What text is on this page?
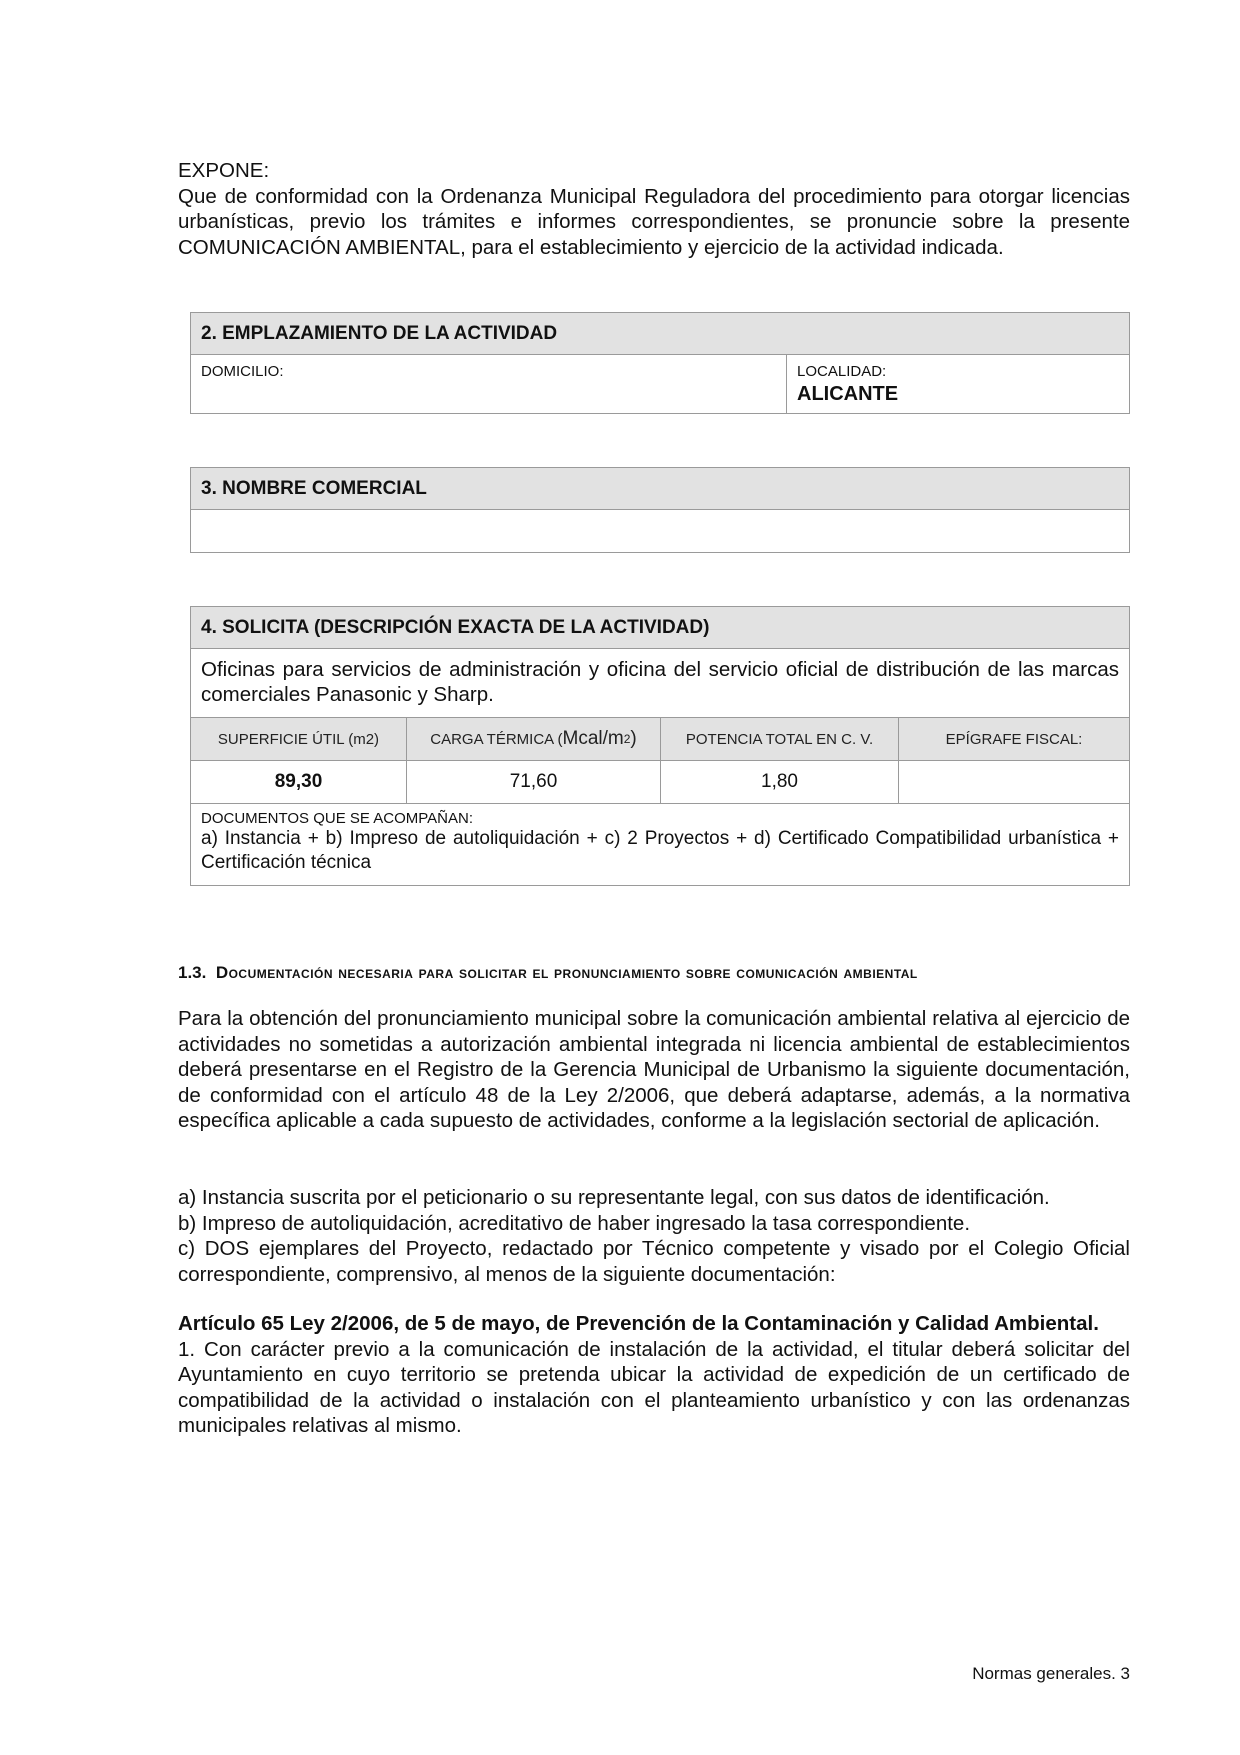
EXPONE:
Que de conformidad con la Ordenanza Municipal Reguladora del procedimiento para otorgar licencias urbanísticas, previo los trámites e informes correspondientes, se pronuncie sobre la presente COMUNICACIÓN AMBIENTAL, para el establecimiento y ejercicio de la actividad indicada.
2. EMPLAZAMIENTO DE LA ACTIVIDAD
DOMICILIO:	LOCALIDAD:
ALICANTE
3. NOMBRE COMERCIAL
4. SOLICITA (DESCRIPCIÓN EXACTA DE LA ACTIVIDAD)
Oficinas para servicios de administración y oficina del servicio oficial de distribución de las marcas comerciales Panasonic y Sharp.
SUPERFICIE ÚTIL (m2)	CARGA TÉRMICA ( Mcal/m 2 )	POTENCIA TOTAL EN C. V.	EPÍGRAFE FISCAL:
89,30	71,60	1,80
DOCUMENTOS QUE SE ACOMPAÑAN:
a) Instancia + b) Impreso de autoliquidación + c) 2 Proyectos + d) Certificado Compatibilidad urbanística + Certificación técnica
1.3. Documentación necesaria para solicitar el pronunciamiento sobre comunicación ambiental
Para la obtención del pronunciamiento municipal sobre la comunicación ambiental relativa al ejercicio de actividades no sometidas a autorización ambiental integrada ni licencia ambiental de establecimientos deberá presentarse en el Registro de la Gerencia Municipal de Urbanismo la siguiente documentación, de conformidad con el artículo 48 de la Ley 2/2006, que deberá adaptarse, además, a la normativa específica aplicable a cada supuesto de actividades, conforme a la legislación sectorial de aplicación.
a) Instancia suscrita por el peticionario o su representante legal, con sus datos de identificación.
b) Impreso de autoliquidación, acreditativo de haber ingresado la tasa correspondiente.
c) DOS ejemplares del Proyecto, redactado por Técnico competente y visado por el Colegio Oficial correspondiente, comprensivo, al menos de la siguiente documentación:
Artículo 65 Ley 2/2006, de 5 de mayo, de Prevención de la Contaminación y Calidad Ambiental.
1. Con carácter previo a la comunicación de instalación de la actividad, el titular deberá solicitar del Ayuntamiento en cuyo territorio se pretenda ubicar la actividad de expedición de un certificado de compatibilidad de la actividad o instalación con el planteamiento urbanístico y con las ordenanzas municipales relativas al mismo.
Normas generales. 3
